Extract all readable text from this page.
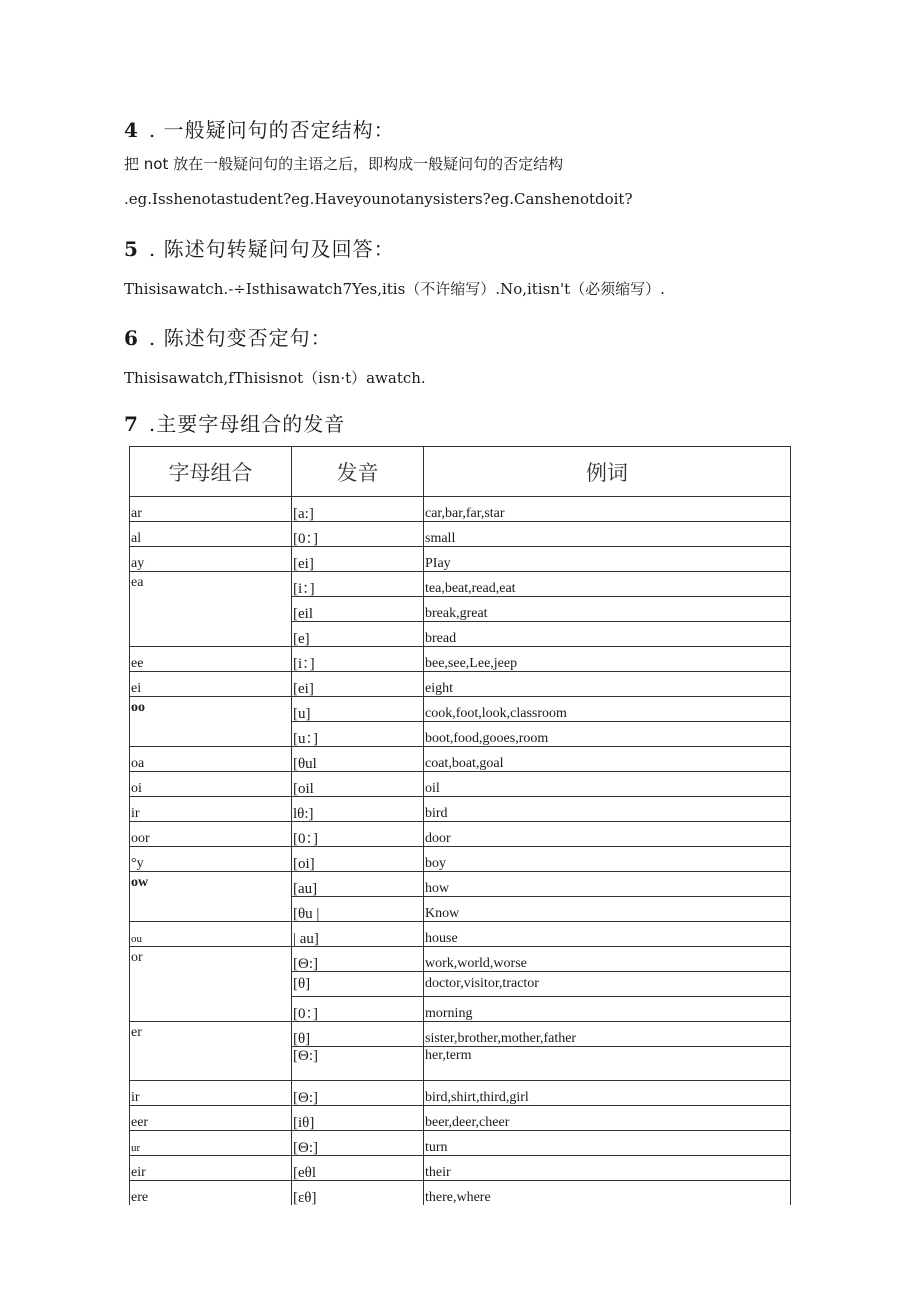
4 . 一般疑问句的否定结构：

把 not 放在一般疑问句的主语之后，即构成一般疑问句的否定结构

.eg.Isshenotastudent?eg.Haveyounotanysisters?eg.Canshenotdoit?

5 . 陈述句转疑问句及回答：

Thisisawatch.-÷Isthisawatch7Yes,itis（不许缩写）.No,itisn't（必须缩写）.

6 . 陈述句变否定句：

Thisisawatch,fThisisnot（isn·t）awatch.

7 .主要字母组合的发音
字母组合	发音	例词
ar	[a:]	car,bar,far,star
al	[0：]	small
ay	[ei]	PIay
ea	[i：]	tea,beat,read,eat
	[eil	break,great
	[e]	bread
ee	[i：]	bee,see,Lee,jeep
ei	[ei]	eight
oo	[u]	cook,foot,look,classroom
	[u：]	boot,food,gooes,room
oa	[θul	coat,boat,goal
oi	[oil	oil
ir	lθ:]	bird
oor	[0：]	door
°y	[oi]	boy
ow	[au]	how
	[θu |	Know
ou	| au]	house
or	[Θ:]	work,world,worse
	[θ]	doctor,visitor,tractor
	[0：]	morning
er	[θ]	sister,brother,mother,father
	[Θ:]	her,term
ir	[Θ:]	bird,shirt,third,girl
eer	[iθ]	beer,deer,cheer
ur	[Θ:]	turn
eir	[eθl	their
ere	[εθ]	there,where
